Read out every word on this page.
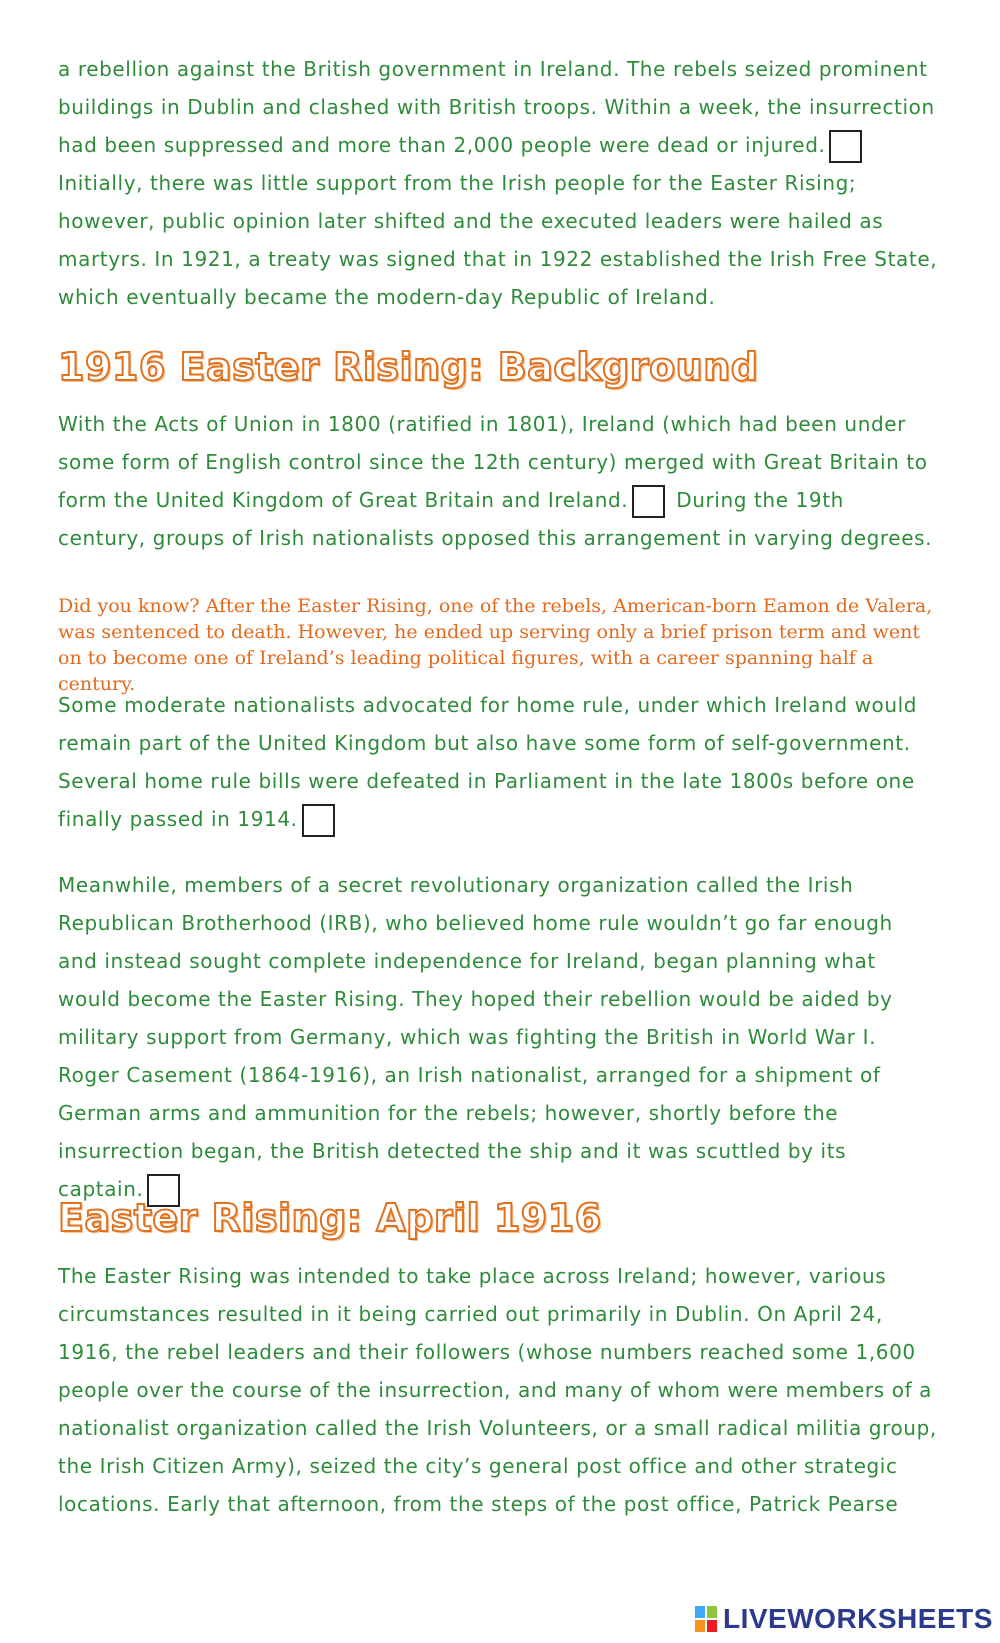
a rebellion against the British government in Ireland. The rebels seized prominent buildings in Dublin and clashed with British troops. Within a week, the insurrection had been suppressed and more than 2,000 people were dead or injured. Initially, there was little support from the Irish people for the Easter Rising; however, public opinion later shifted and the executed leaders were hailed as martyrs. In 1921, a treaty was signed that in 1922 established the Irish Free State, which eventually became the modern-day Republic of Ireland.

1916 Easter Rising: Background

With the Acts of Union in 1800 (ratified in 1801), Ireland (which had been under some form of English control since the 12th century) merged with Great Britain to form the United Kingdom of Great Britain and Ireland. During the 19th century, groups of Irish nationalists opposed this arrangement in varying degrees.

Did you know? After the Easter Rising, one of the rebels, American-born Eamon de Valera, was sentenced to death. However, he ended up serving only a brief prison term and went on to become one of Ireland’s leading political figures, with a career spanning half a century.

Some moderate nationalists advocated for home rule, under which Ireland would remain part of the United Kingdom but also have some form of self-government. Several home rule bills were defeated in Parliament in the late 1800s before one finally passed in 1914.

Meanwhile, members of a secret revolutionary organization called the Irish Republican Brotherhood (IRB), who believed home rule wouldn’t go far enough and instead sought complete independence for Ireland, began planning what would become the Easter Rising. They hoped their rebellion would be aided by military support from Germany, which was fighting the British in World War I. Roger Casement (1864-1916), an Irish nationalist, arranged for a shipment of German arms and ammunition for the rebels; however, shortly before the insurrection began, the British detected the ship and it was scuttled by its captain.

Easter Rising: April 1916

The Easter Rising was intended to take place across Ireland; however, various circumstances resulted in it being carried out primarily in Dublin. On April 24, 1916, the rebel leaders and their followers (whose numbers reached some 1,600 people over the course of the insurrection, and many of whom were members of a nationalist organization called the Irish Volunteers, or a small radical militia group, the Irish Citizen Army), seized the city’s general post office and other strategic locations. Early that afternoon, from the steps of the post office, Patrick Pearse

LIVEWORKSHEETS
